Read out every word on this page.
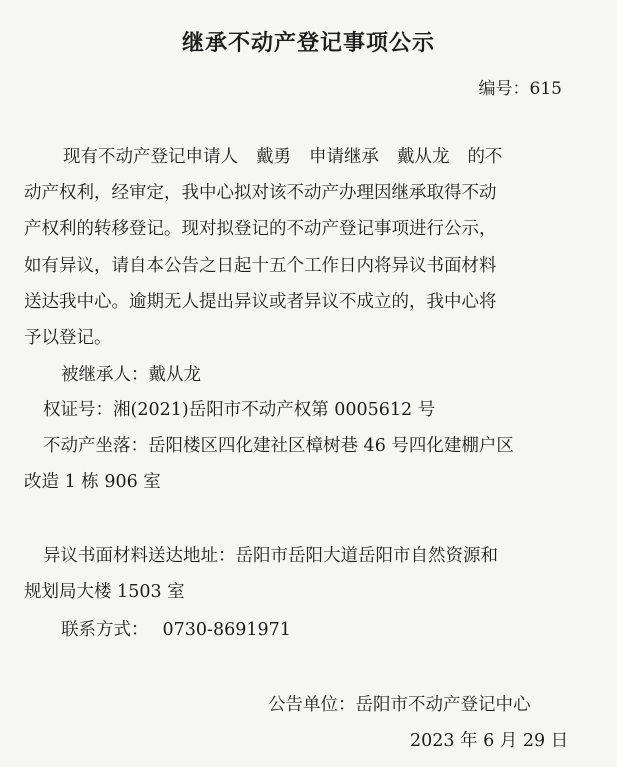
继承不动产登记事项公示
编号：615
现有不动产登记申请人 戴勇 申请继承 戴从龙 的不
动产权利，经审定，我中心拟对该不动产办理因继承取得不动
产权利的转移登记。现对拟登记的不动产登记事项进行公示，
如有异议，请自本公告之日起十五个工作日内将异议书面材料
送达我中心。逾期无人提出异议或者异议不成立的，我中心将
予以登记。
被继承人：戴从龙
权证号：湘(2021)岳阳市不动产权第 0005612 号
不动产坐落：岳阳楼区四化建社区樟树巷 46 号四化建棚户区
改造 1 栋 906 室
异议书面材料送达地址：岳阳市岳阳大道岳阳市自然资源和
规划局大楼 1503 室
联系方式： 0730-8691971
公告单位：岳阳市不动产登记中心
2023 年 6 月 29 日
